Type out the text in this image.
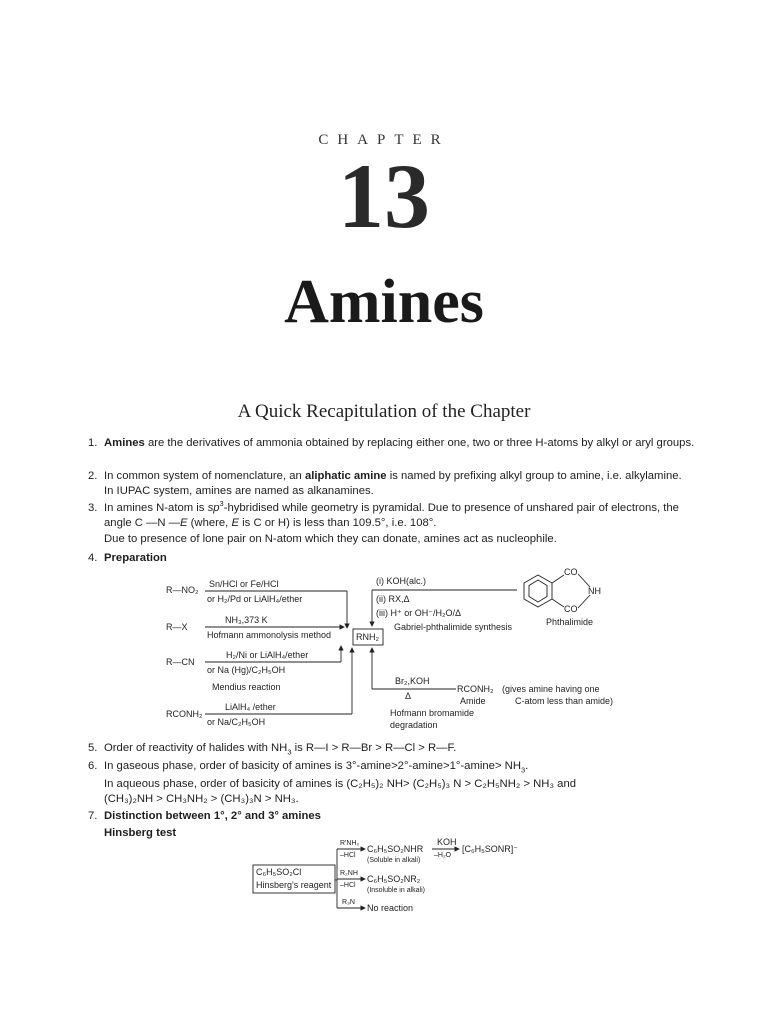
CHAPTER
13
Amines
A Quick Recapitulation of the Chapter
1. Amines are the derivatives of ammonia obtained by replacing either one, two or three H-atoms by alkyl or aryl groups.

2. In common system of nomenclature, an aliphatic amine is named by prefixing alkyl group to amine, i.e. alkylamine.
In IUPAC system, amines are named as alkanamines.

3. In amines N-atom is $sp^3$-hybridised while geometry is pyramidal. Due to presence of unshared pair of electrons, the angle C —N —E (where, E is C or H) is less than 109.5°, i.e. 108°.

Due to presence of lone pair on N-atom which they can donate, amines act as nucleophile.

4. Preparation

R—NO₂
Sn/HCl or Fe/HCl
or H₂/Pd or LiAlH₄/ether
R—X
NH₃,373 K
Hofmann ammonolysis method
R—CN
H₂/Ni or LiAlH₄/ether
or Na (Hg)/C₂H₅OH
Mendius reaction
RCONH₂
LiAlH₄ /ether
or Na/C₂H₅OH
RNH₂
(i) KOH(alc.)
(ii) RX,Δ
(iii) H⁺ or OH⁻/H₂O/Δ
Gabriel-phthalimide synthesis
CO
NH
CO
Phthalimide
Br₂,KOH
Δ
RCONH₂
Amide
(gives amine having one
C-atom less than amide)
Hofmann bromamide
degradation
5. Order of reactivity of halides with $NH_3$ is R—I > R—Br > R—Cl > R—F.

6. In gaseous phase, order of basicity of amines is $3^\circ-amine>2^\circ-amine>1^\circ-amine> NH_3$.

In aqueous phase, order of basicity of amines is (C₂H₅)₂ NH> (C₂H₅)₃ N > C₂H₅NH₂ > NH₃ and

(CH₃)₂NH > CH₃NH₂ > (CH₃)₃N > NH₃.

7. Distinction between 1°, 2° and 3° amines

Hinsberg test

C₆H₅SO₂Cl
Hinsberg's reagent
R'NH₂
–HCl
C₆H₅SO₂NHR
(Soluble in alkali)
KOH
–H₂O
[C₆H₅SONR]⁻
R₂NH
–HCl
C₆H₅SO₂NR₂
(Insoluble in alkali)
R₃N
No reaction
